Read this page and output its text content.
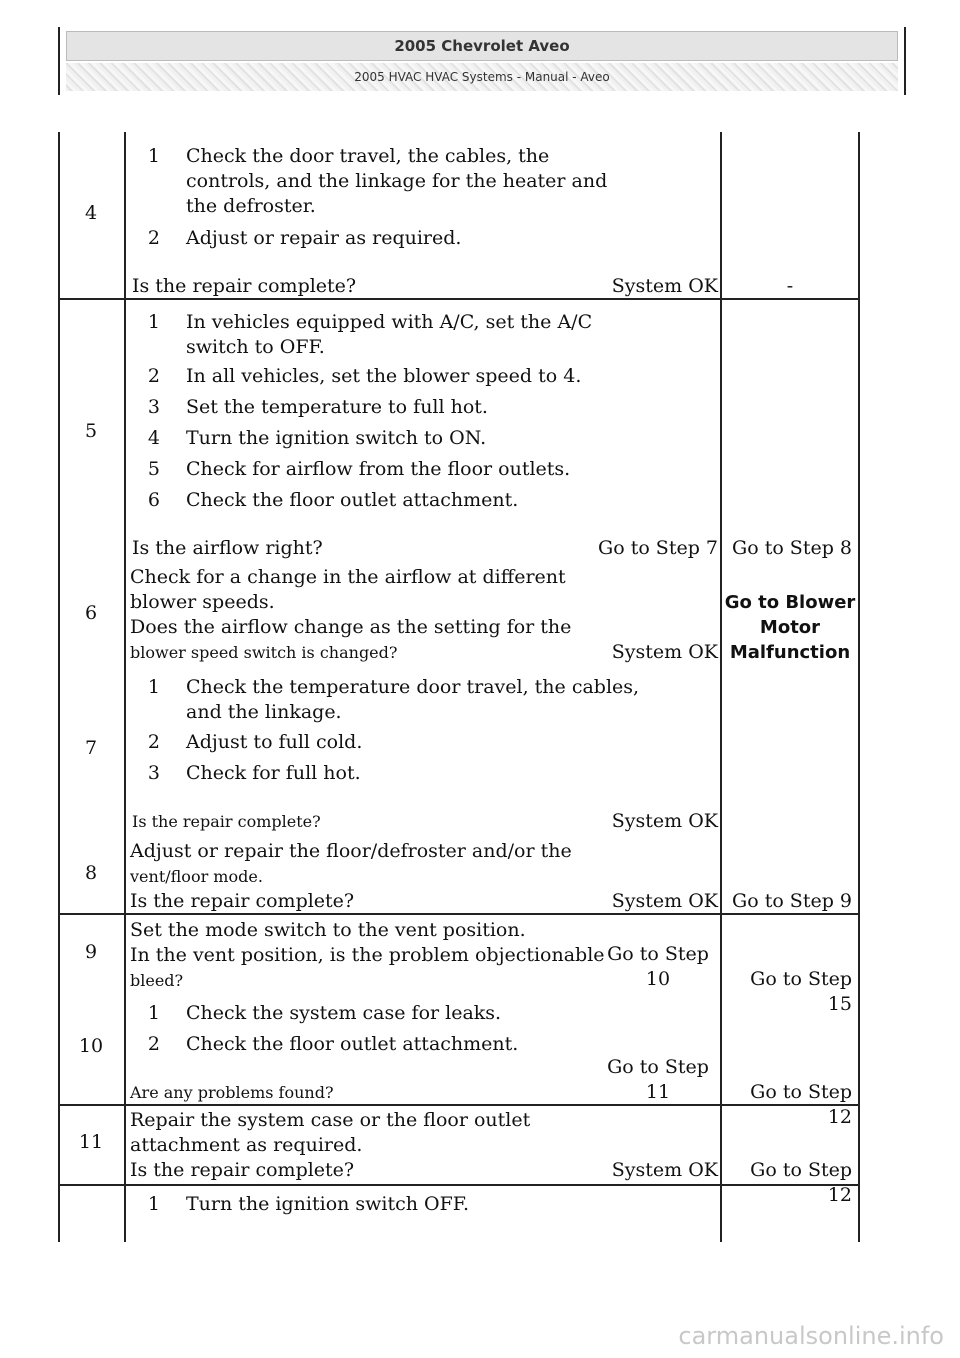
2005 Chevrolet Aveo
2005 HVAC HVAC Systems - Manual - Aveo
4
1 Check the door travel, the cables, the
controls, and the linkage for the heater and
the defroster.
2 Adjust or repair as required.
Is the repair complete?	System OK	-
5
1 In vehicles equipped with A/C, set the A/C
switch to OFF.
2 In all vehicles, set the blower speed to 4.
3 Set the temperature to full hot.
4 Turn the ignition switch to ON.
5 Check for airflow from the floor outlets.
6 Check the floor outlet attachment.
Is the airflow right?	Go to Step 7 Go to Step 8
6
Check for a change in the airflow at different
blower speeds.
Does the airflow change as the setting for the
blower speed switch is changed?	System OK
Go to Blower
Motor
Malfunction
7
1 Check the temperature door travel, the cables,
and the linkage.
2 Adjust to full cold.
3 Check for full hot.
Is the repair complete?	System OK
8
Adjust or repair the floor/defroster and/or the
vent/floor mode.
Is the repair complete?	System OK Go to Step 9
9
Set the mode switch to the vent position.
In the vent position, is the problem objectionable
bleed?
Go to Step
10	Go to Step 15
10
1 Check the system case for leaks.
2 Check the floor outlet attachment.
Are any problems found?
Go to Step
11	Go to Step 12
11
Repair the system case or the floor outlet
attachment as required.
Is the repair complete?	System OK	Go to Step 12
1 Turn the ignition switch OFF.
carmanualsonline.info
